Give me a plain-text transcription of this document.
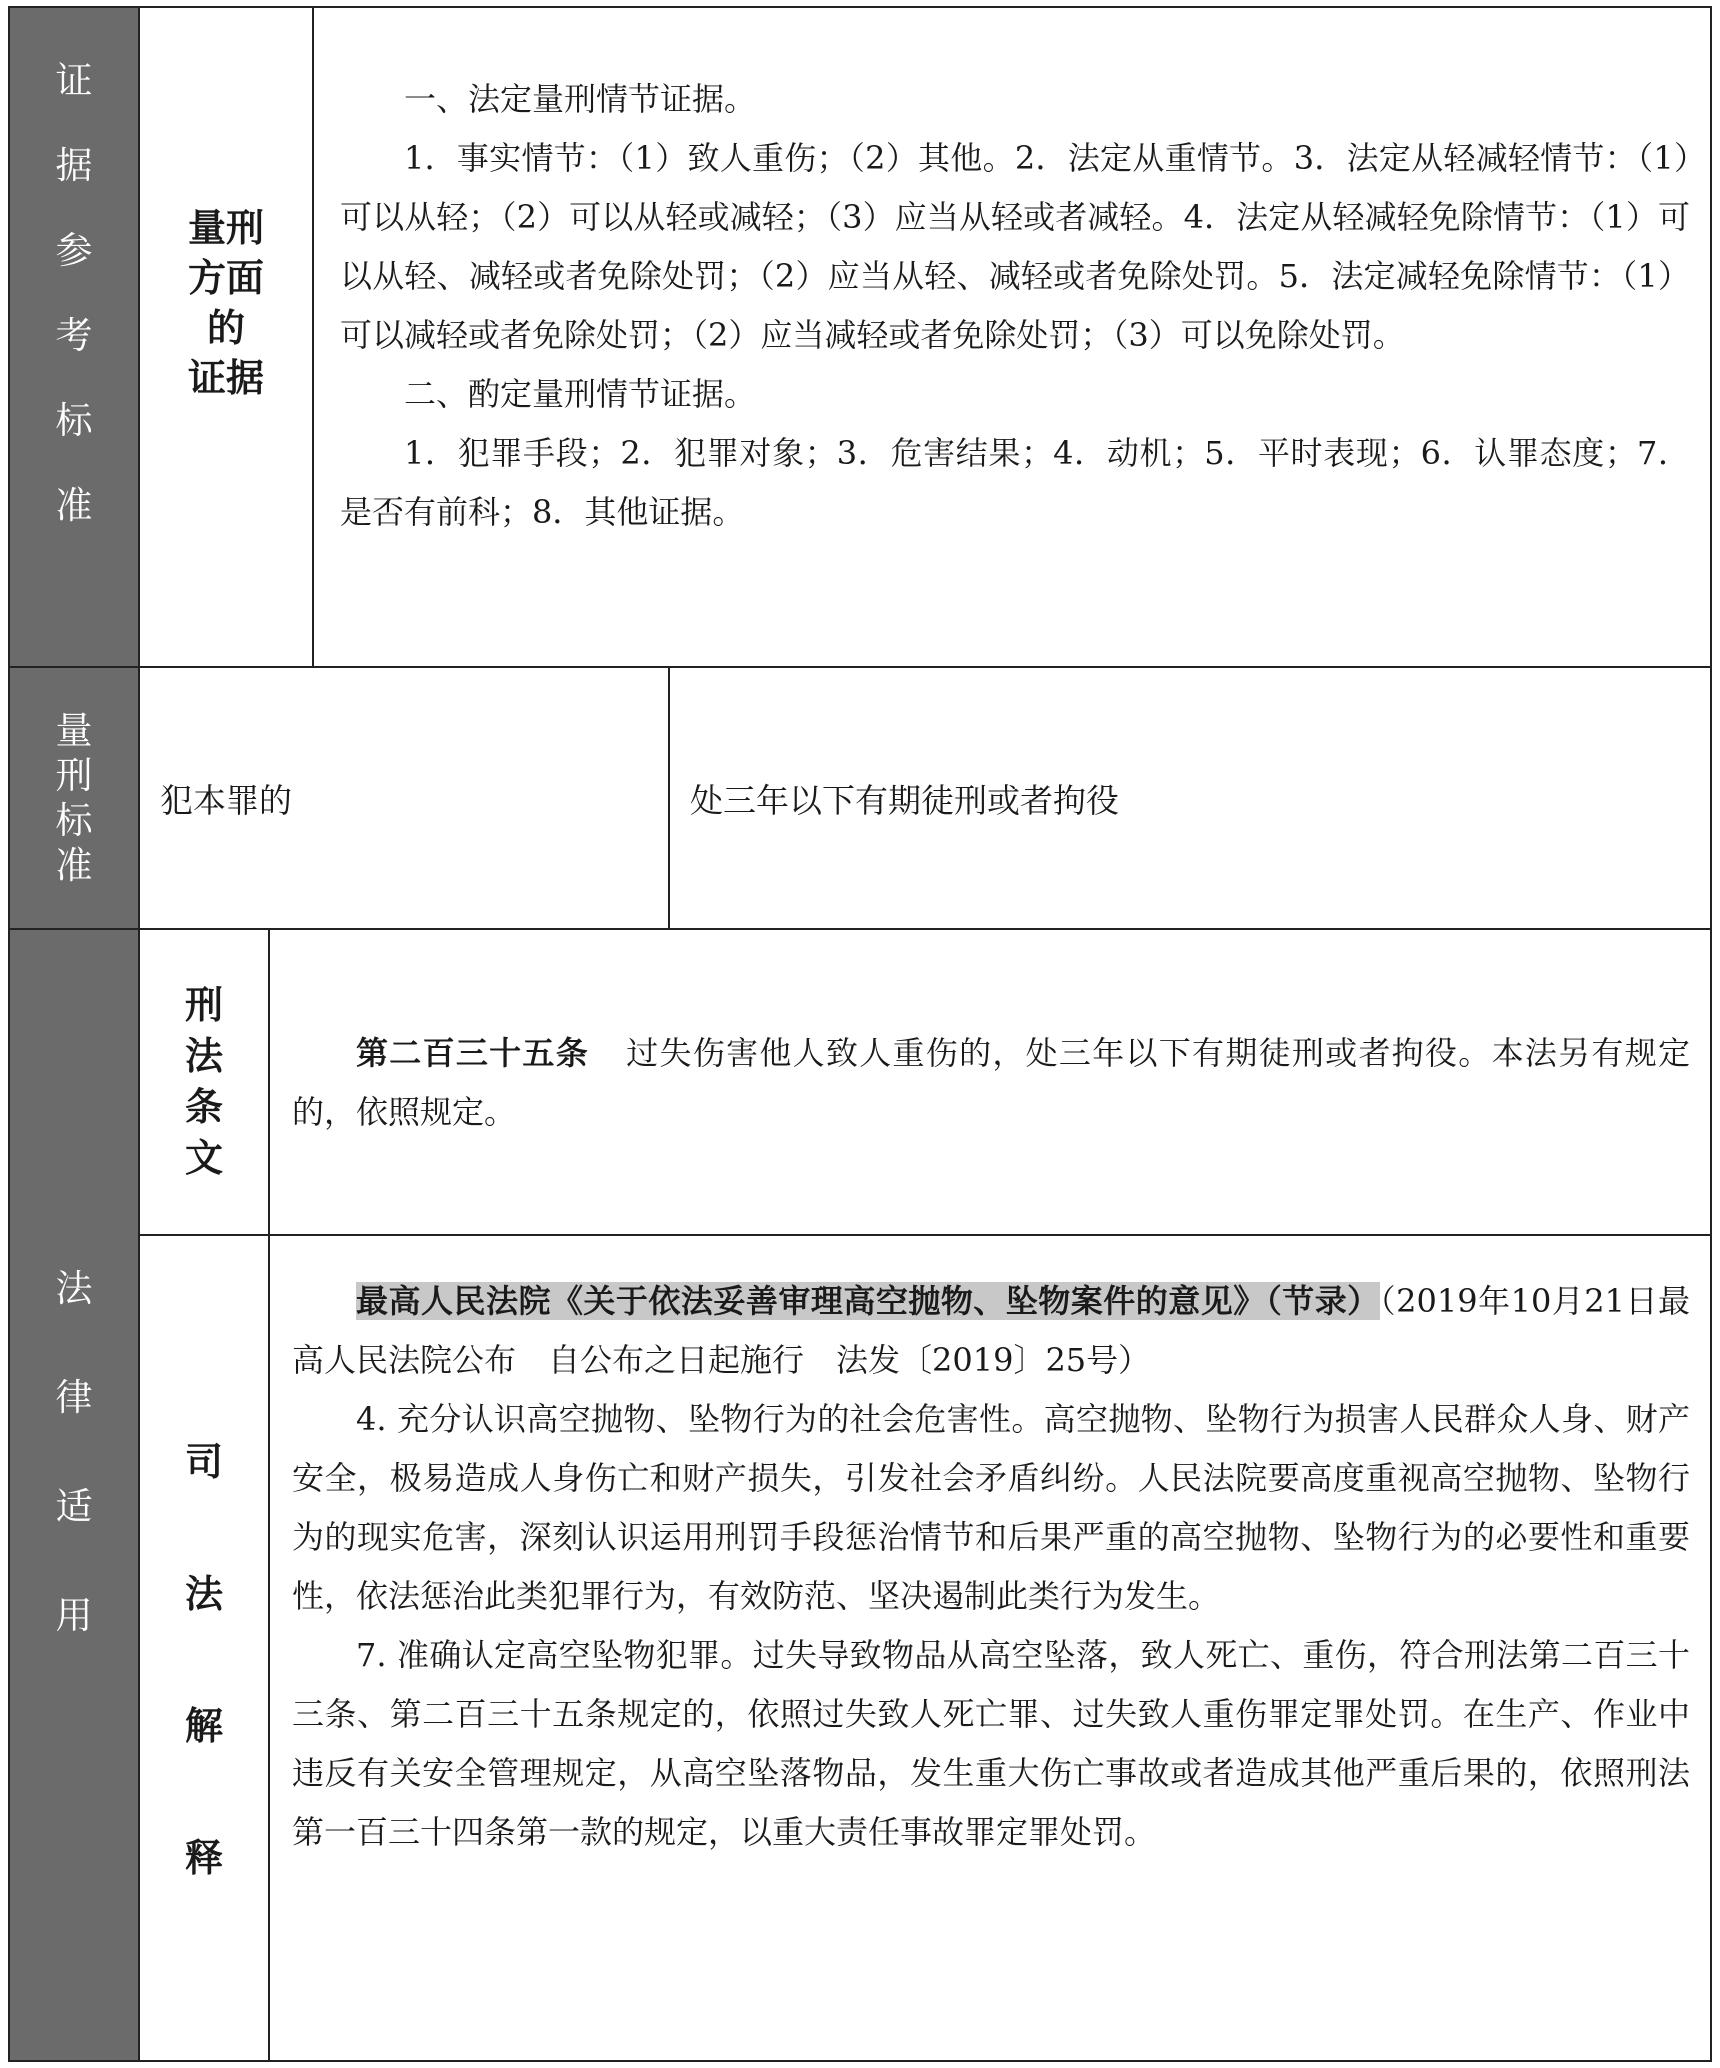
证
据
参
考
标
准
量刑
方面
的
证据

一、法定量刑情节证据。

1．事实情节：（1）致人重伤；（2）其他。2．法定从重情节。3．法定从轻减轻情节：（1）可以从轻；（2）可以从轻或减轻；（3）应当从轻或者减轻。4．法定从轻减轻免除情节：（1）可以从轻、减轻或者免除处罚；（2）应当从轻、减轻或者免除处罚。5．法定减轻免除情节：（1）可以减轻或者免除处罚；（2）应当减轻或者免除处罚；（3）可以免除处罚。

二、酌定量刑情节证据。

1．犯罪手段；2．犯罪对象；3．危害结果；4．动机；5．平时表现；6．认罪态度；7．是否有前科；8．其他证据。

量
刑
标
准
犯本罪的	处三年以下有期徒刑或者拘役
法
律
适
用
刑
法
条
文

第二百三十五条 过失伤害他人致人重伤的，处三年以下有期徒刑或者拘役。本法另有规定的，依照规定。

司
法
解
释

最高人民法院《关于依法妥善审理高空抛物、坠物案件的意见》（节录）（2019年10月21日最高人民法院公布　自公布之日起施行　法发〔2019〕25号）

4. 充分认识高空抛物、坠物行为的社会危害性。高空抛物、坠物行为损害人民群众人身、财产安全，极易造成人身伤亡和财产损失，引发社会矛盾纠纷。人民法院要高度重视高空抛物、坠物行为的现实危害，深刻认识运用刑罚手段惩治情节和后果严重的高空抛物、坠物行为的必要性和重要性，依法惩治此类犯罪行为，有效防范、坚决遏制此类行为发生。

7. 准确认定高空坠物犯罪。过失导致物品从高空坠落，致人死亡、重伤，符合刑法第二百三十三条、第二百三十五条规定的，依照过失致人死亡罪、过失致人重伤罪定罪处罚。在生产、作业中违反有关安全管理规定，从高空坠落物品，发生重大伤亡事故或者造成其他严重后果的，依照刑法第一百三十四条第一款的规定，以重大责任事故罪定罪处罚。
